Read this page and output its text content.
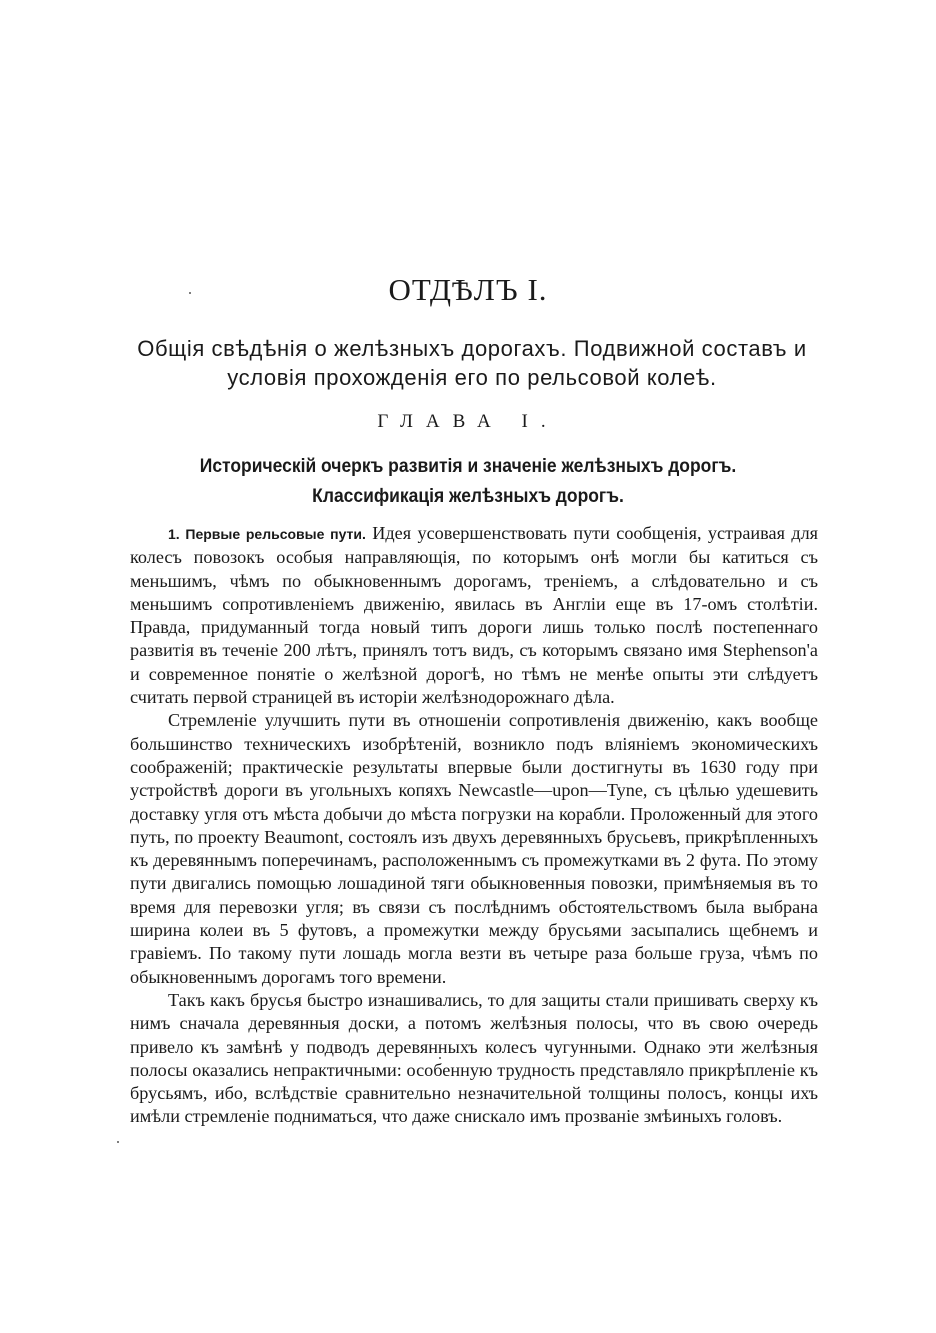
ОТДѢЛЪ I.
Общія свѣдѣнія о желѣзныхъ дорогахъ. Подвижной составъ и условія прохожденія его по рельсовой колеѣ.
ГЛАВА I.
Историческій очеркъ развитія и значеніе желѣзныхъ дорогъ. Классификація желѣзныхъ дорогъ.

1. Первые рельсовые пути. Идея усовершенствовать пути сообщенія, устраивая для колесъ повозокъ особыя направляющія, по которымъ онѣ могли бы катиться съ меньшимъ, чѣмъ по обыкновеннымъ дорогамъ, треніемъ, а слѣдовательно и съ меньшимъ сопротивленіемъ движенію, явилась въ Англіи еще въ 17-омъ столѣтіи. Правда, придуманный тогда новый типъ дороги лишь только послѣ постепеннаго развитія въ теченіе 200 лѣтъ, принялъ тотъ видъ, съ которымъ связано имя Stephenson'а и современное понятіе о желѣзной дорогѣ, но тѣмъ не менѣе опыты эти слѣдуетъ считать первой страницей въ исторіи желѣзнодорожнаго дѣла.

Стремленіе улучшить пути въ отношеніи сопротивленія движенію, какъ вообще большинство техническихъ изобрѣтеній, возникло подъ вліяніемъ экономическихъ соображеній; практическіе результаты впервые были достигнуты въ 1630 году при устройствѣ дороги въ угольныхъ копяхъ Newcastle—upon—Tyne, съ цѣлью удешевить доставку угля отъ мѣста добычи до мѣста погрузки на корабли. Проложенный для этого путь, по проекту Beaumont, состоялъ изъ двухъ деревянныхъ брусьевъ, прикрѣпленныхъ къ деревяннымъ поперечинамъ, расположеннымъ съ промежутками въ 2 фута. По этому пути двигались помощью лошадиной тяги обыкновенныя повозки, примѣняемыя въ то время для перевозки угля; въ связи съ послѣднимъ обстоятельствомъ была выбрана ширина колеи въ 5 футовъ, а промежутки между брусьями засыпались щебнемъ и гравіемъ. По такому пути лошадь могла везти въ четыре раза больше груза, чѣмъ по обыкновеннымъ дорогамъ того времени.

Такъ какъ брусья быстро изнашивались, то для защиты стали пришивать сверху къ нимъ сначала деревянныя доски, а потомъ желѣзныя полосы, что въ свою очередь привело къ замѣнѣ у подводъ деревянныхъ колесъ чугунными. Однако эти желѣзныя полосы оказались непрактичными: особенную трудность представляло прикрѣпленіе къ брусьямъ, ибо, вслѣдствіе сравнительно незначительной толщины полосъ, концы ихъ имѣли стремленіе подниматься, что даже снискало имъ прозваніе змѣиныхъ головъ.
